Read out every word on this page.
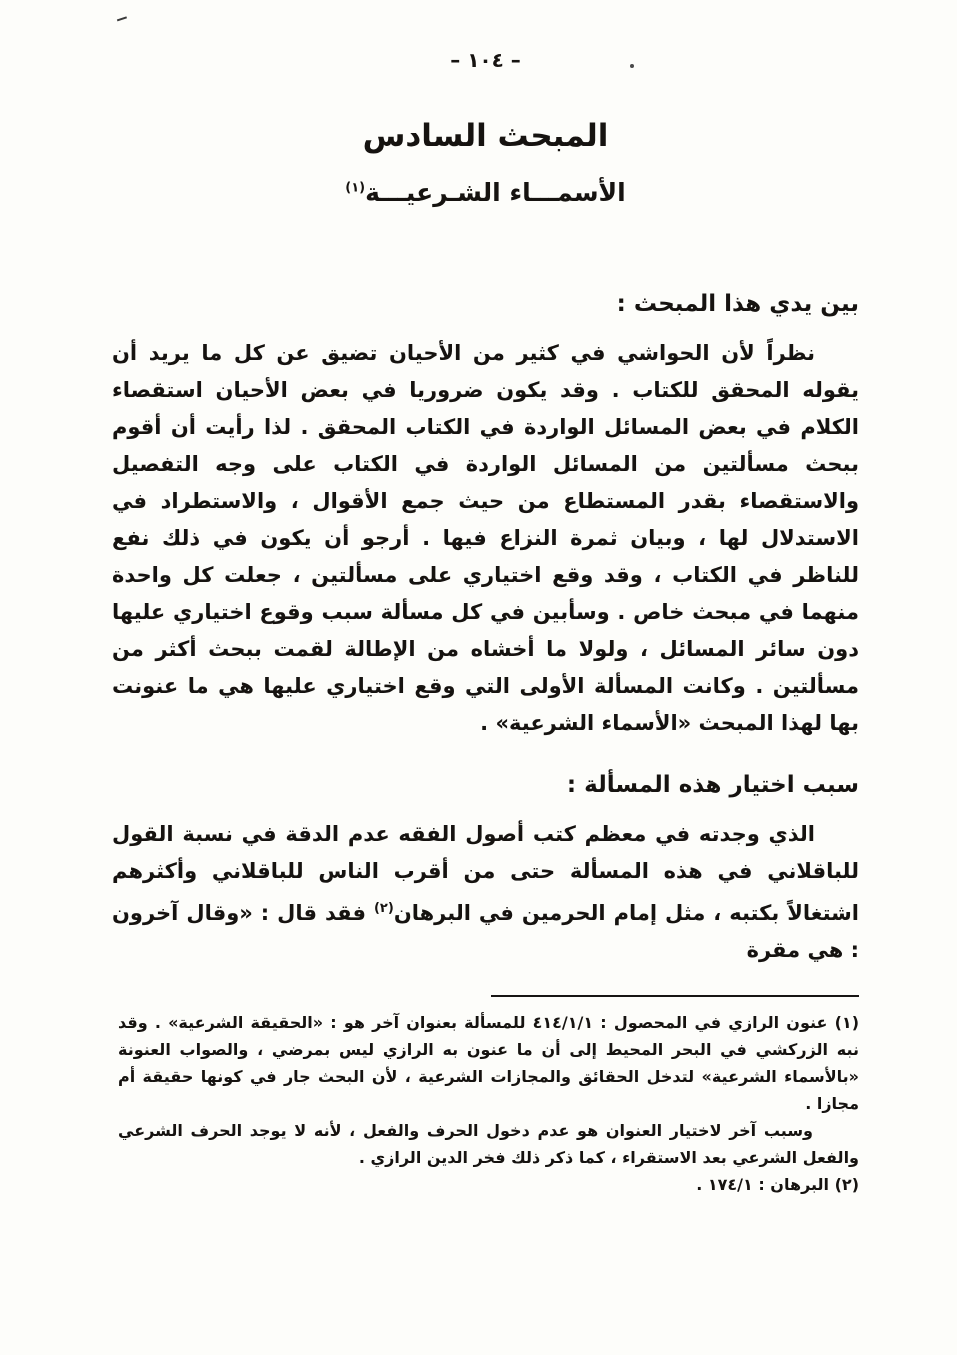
– ١٠٤ –
المبحث السادس
الأسمـــاء الشـرعيـــة$^{(١)}$
بين يدي هذا المبحث :

نظراً لأن الحواشي في كثير من الأحيان تضيق عن كل ما يريد أن يقوله المحقق للكتاب . وقد يكون ضروريا في بعض الأحيان استقصاء الكلام في بعض المسائل الواردة في الكتاب المحقق . لذا رأيت أن أقوم ببحث مسألتين من المسائل الواردة في الكتاب على وجه التفصيل والاستقصاء بقدر المستطاع من حيث جمع الأقوال ، والاستطراد في الاستدلال لها ، وبيان ثمرة النزاع فيها . أرجو أن يكون في ذلك نفع للناظر في الكتاب ، وقد وقع اختياري على مسألتين ، جعلت كل واحدة منهما في مبحث خاص . وسأبين في كل مسألة سبب وقوع اختياري عليها دون سائر المسائل ، ولولا ما أخشاه من الإطالة لقمت ببحث أكثر من مسألتين . وكانت المسألة الأولى التي وقع اختياري عليها هي ما عنونت بها لهذا المبحث «الأسماء الشرعية» .

سبب اختيار هذه المسألة :

الذي وجدته في معظم كتب أصول الفقه عدم الدقة في نسبة القول للباقلاني في هذه المسألة حتى من أقرب الناس للباقلاني وأكثرهم اشتغالاً بكتبه ، مثل إمام الحرمين في البرهان$^{(٢)}$ فقد قال : «وقال آخرون : هي مقرة

(١) عنون الرازي في المحصول : ٤١٤/١/١ للمسألة بعنوان آخر هو : «الحقيقة الشرعية» . وقد نبه الزركشي في البحر المحيط إلى أن ما عنون به الرازي ليس بمرضي ، والصواب العنونة «بالأسماء الشرعية» لتدخل الحقائق والمجازات الشرعية ، لأن البحث جار في كونها حقيقة أم مجازا .

وسبب آخر لاختيار العنوان هو عدم دخول الحرف والفعل ، لأنه لا يوجد الحرف الشرعي والفعل الشرعي بعد الاستقراء ، كما ذكر ذلك فخر الدين الرازي .

(٢) البرهان : ١٧٤/١ .
